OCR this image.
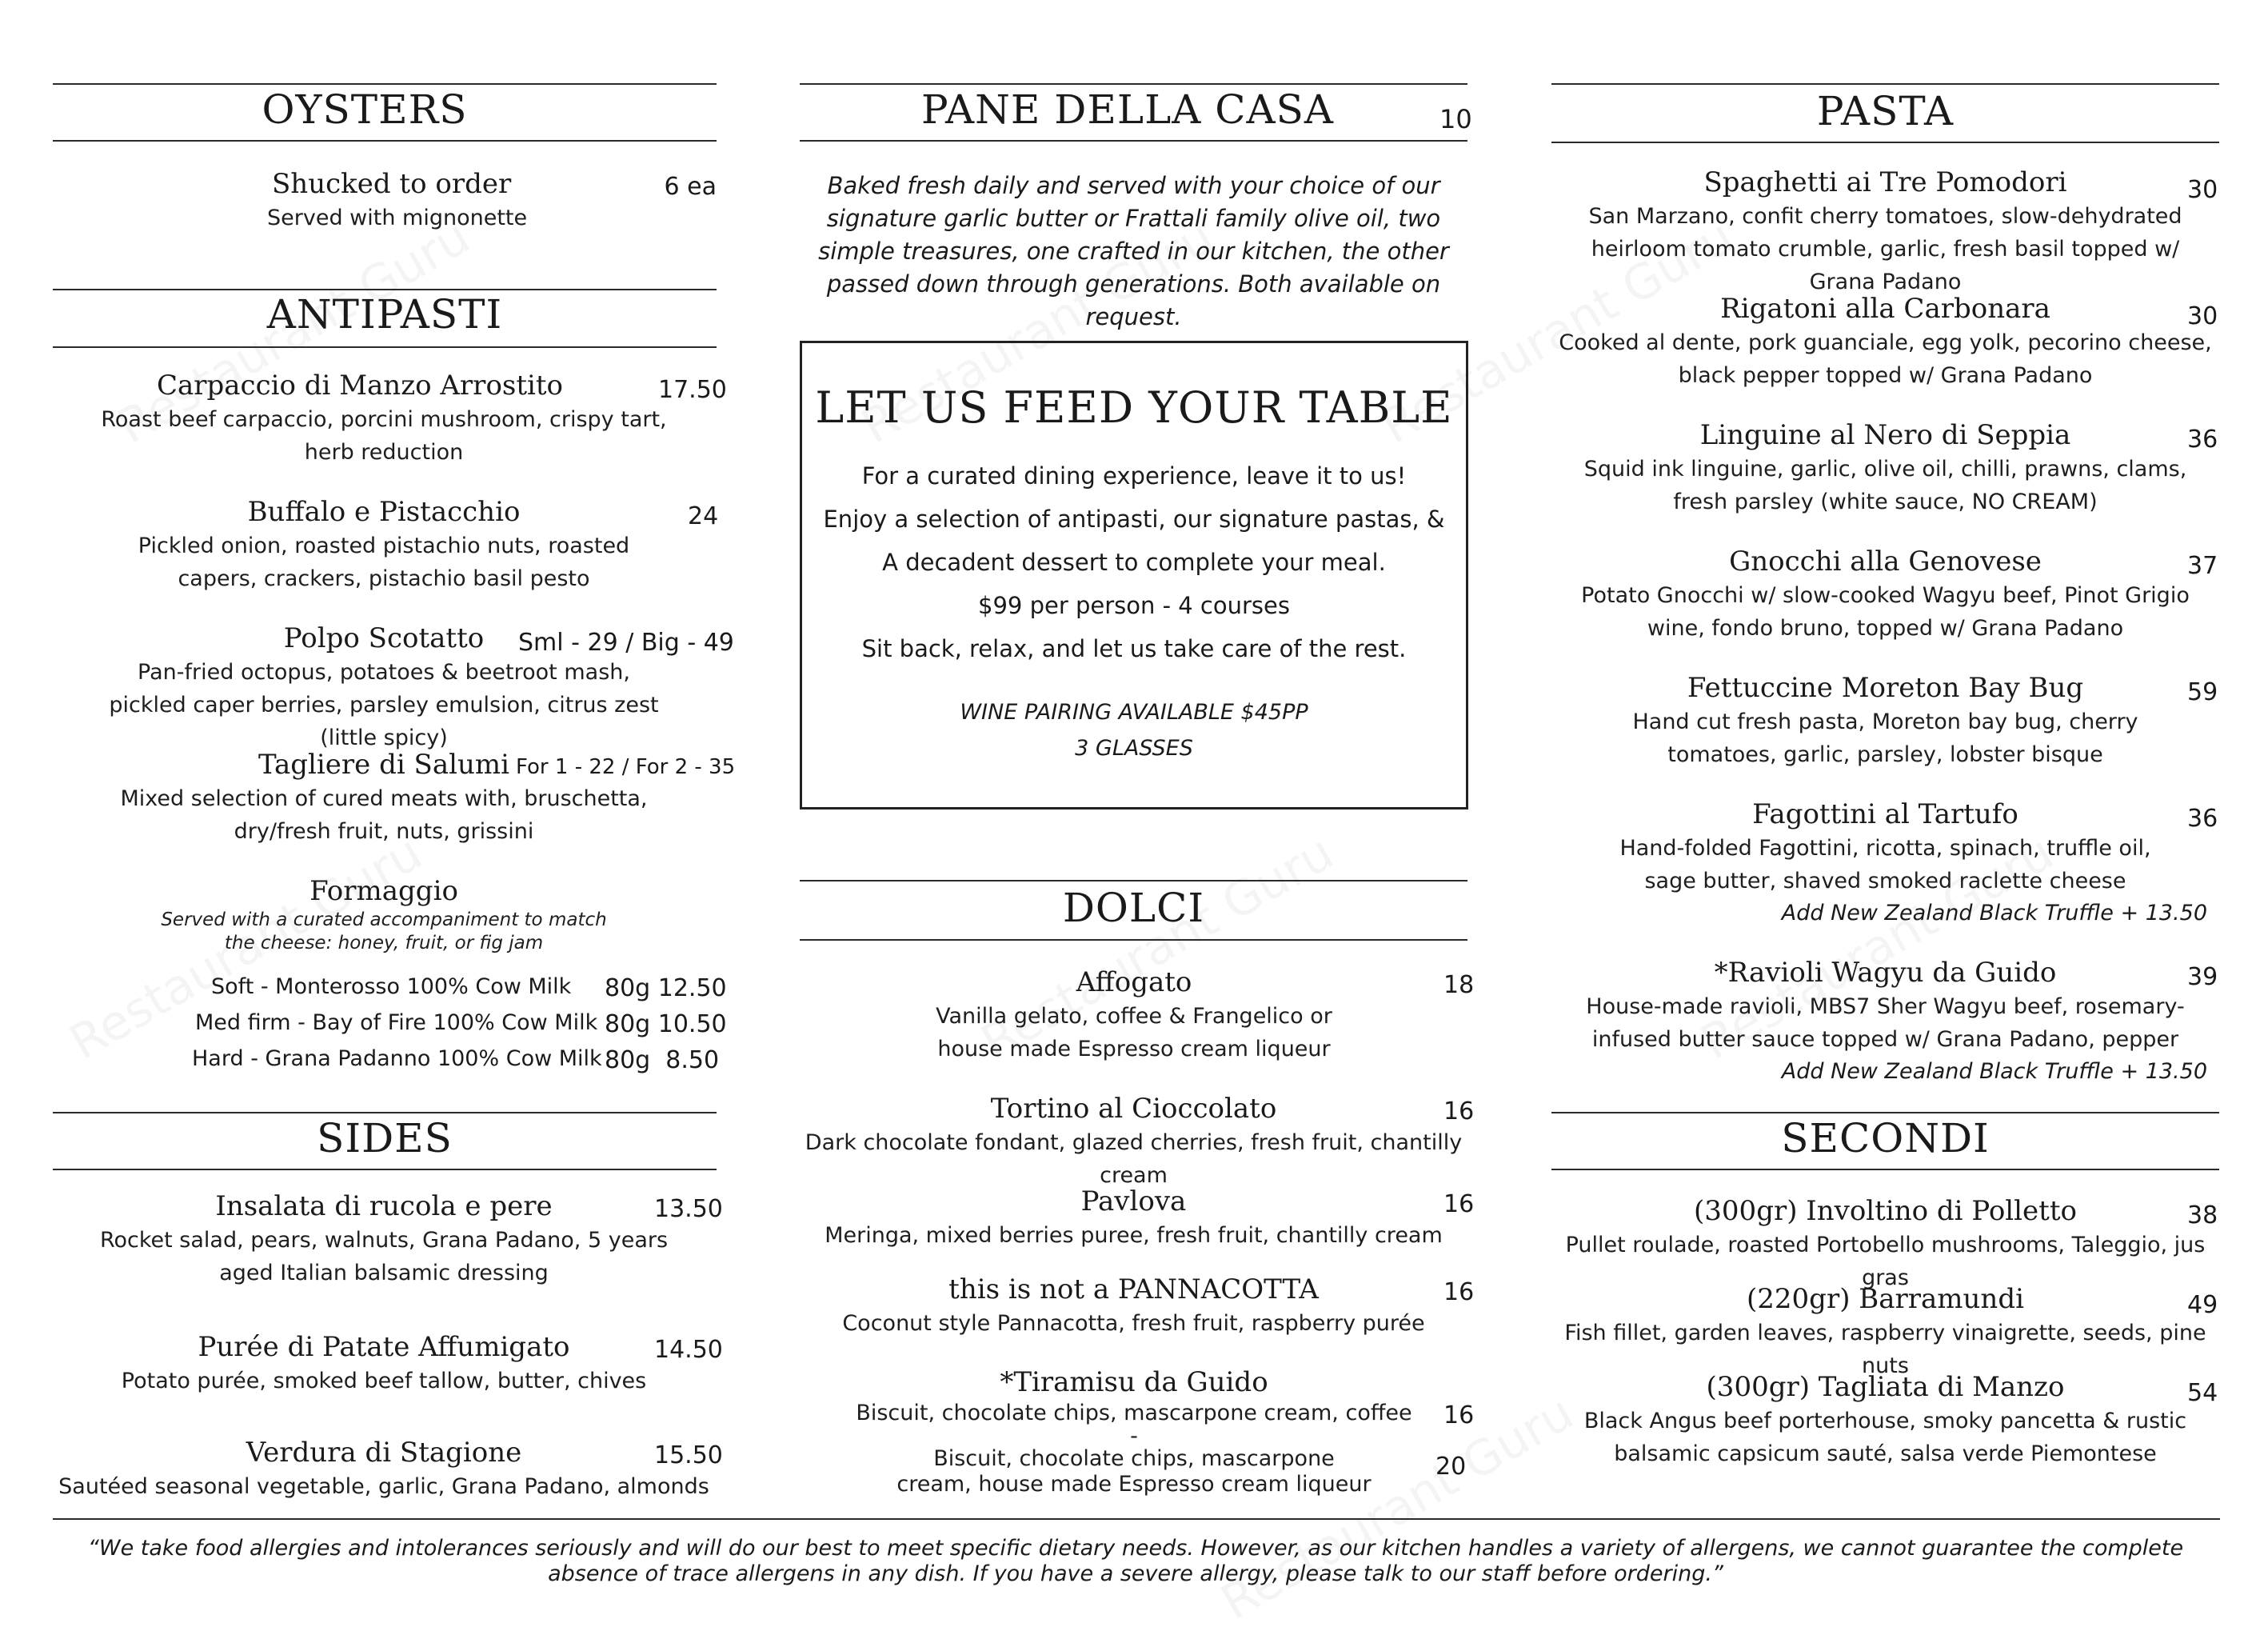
OYSTERS
Shucked to order

Served with mignonette
6 ea
ANTIPASTI
Carpaccio di Manzo Arrostito
Roast beef carpaccio, porcini mushroom, crispy tart, herb reduction
17.50
Buffalo e Pistacchio
Pickled onion, roasted pistachio nuts, roasted capers, crackers, pistachio basil pesto
24
Polpo Scotatto
Pan-fried octopus, potatoes & beetroot mash, pickled caper berries, parsley emulsion, citrus zest (little spicy)
Sml - 29 / Big - 49
Tagliere di Salumi
Mixed selection of cured meats with, bruschetta, dry/fresh fruit, nuts, grissini
For 1 - 22 / For 2 - 35
Formaggio
Served with a curated accompaniment to match the cheese: honey, fruit, or fig jam
Soft - Monterosso 100% Cow Milk 80g 12.50
Med firm - Bay of Fire 100% Cow Milk 80g 10.50
Hard - Grana Padanno 100% Cow Milk 80g  8.50
SIDES
Insalata di rucola e pere
Rocket salad, pears, walnuts, Grana Padano, 5 years aged Italian balsamic dressing
13.50
Purée di Patate Affumigato
Potato purée, smoked beef tallow, butter, chives
14.50
Verdura di Stagione
Sautéed seasonal vegetable, garlic, Grana Padano, almonds
15.50
PANE DELLA CASA	10
Baked fresh daily and served with your choice of our signature garlic butter or Frattali family olive oil, two simple treasures, one crafted in our kitchen, the other passed down through generations. Both available on request.
LET US FEED YOUR TABLE
For a curated dining experience, leave it to us!
Enjoy a selection of antipasti, our signature pastas, &
A decadent dessert to complete your meal.
$99 per person - 4 courses
Sit back, relax, and let us take care of the rest.
WINE PAIRING AVAILABLE $45PP
3 GLASSES
DOLCI
Affogato
Vanilla gelato, coffee & Frangelico or house made Espresso cream liqueur
18
Tortino al Cioccolato
Dark chocolate fondant, glazed cherries, fresh fruit, chantilly cream
16
Pavlova
Meringa, mixed berries puree, fresh fruit, chantilly cream
16
this is not a PANNACOTTA
Coconut style Pannacotta, fresh fruit, raspberry purée
16
*Tiramisu da Guido
Biscuit, chocolate chips, mascarpone cream, coffee
-
Biscuit, chocolate chips, mascarpone cream, house made Espresso cream liqueur
16
20
PASTA
Spaghetti ai Tre Pomodori
San Marzano, confit cherry tomatoes, slow-dehydrated heirloom tomato crumble, garlic, fresh basil topped w/ Grana Padano
30
Rigatoni alla Carbonara
Cooked al dente, pork guanciale, egg yolk, pecorino cheese, black pepper topped w/ Grana Padano
30
Linguine al Nero di Seppia
Squid ink linguine, garlic, olive oil, chilli, prawns, clams, fresh parsley (white sauce, NO CREAM)
36
Gnocchi alla Genovese
Potato Gnocchi w/ slow-cooked Wagyu beef, Pinot Grigio wine, fondo bruno, topped w/ Grana Padano
37
Fettuccine Moreton Bay Bug
Hand cut fresh pasta, Moreton bay bug, cherry tomatoes, garlic, parsley, lobster bisque
59
Fagottini al Tartufo
Hand-folded Fagottini, ricotta, spinach, truffle oil, sage butter, shaved smoked raclette cheese
Add New Zealand Black Truffle + 13.50
36
*Ravioli Wagyu da Guido
House-made ravioli, MBS7 Sher Wagyu beef, rosemary-infused butter sauce topped w/ Grana Padano, pepper
Add New Zealand Black Truffle + 13.50
39
SECONDI
(300gr) Involtino di Polletto
Pullet roulade, roasted Portobello mushrooms, Taleggio, jus gras
38
(220gr) Barramundi
Fish fillet, garden leaves, raspberry vinaigrette, seeds, pine nuts
49
(300gr) Tagliata di Manzo
Black Angus beef porterhouse, smoky pancetta & rustic balsamic capsicum sauté, salsa verde Piemontese
54
“We take food allergies and intolerances seriously and will do our best to meet specific dietary needs. However, as our kitchen handles a variety of allergens, we cannot guarantee the complete absence of trace allergens in any dish. If you have a severe allergy, please talk to our staff before ordering.”
